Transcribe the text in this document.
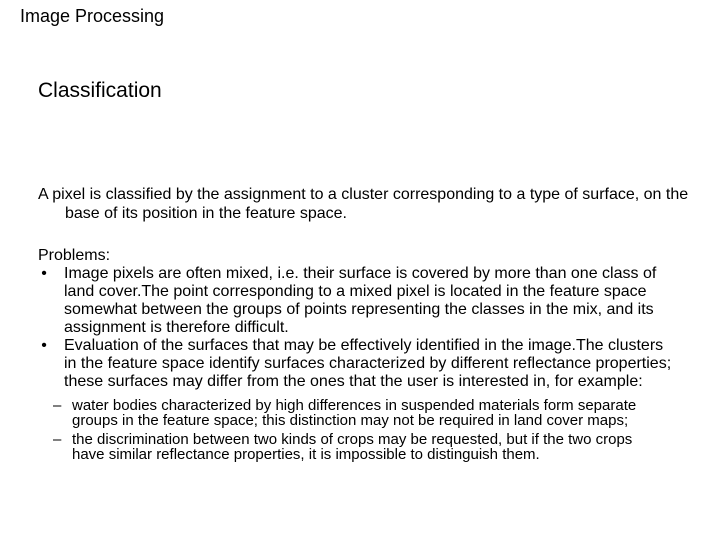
Image Processing
Classification
A pixel is classified by the assignment to a cluster corresponding to a type of surface, on the base of its position in the feature space.
Problems:
• Image pixels are often mixed, i.e. their surface is covered by more than one class of land cover.The point corresponding to a mixed pixel is located in the feature space somewhat between the groups of points representing the classes in the mix, and its assignment is therefore difficult.
• Evaluation of the surfaces that may be effectively identified in the image.The clusters in the feature space identify surfaces characterized by different reflectance properties; these surfaces may differ from the ones that the user is interested in, for example:
– water bodies characterized by high differences in suspended materials form separate groups in the feature space; this distinction may not be required in land cover maps;
– the discrimination between two kinds of crops may be requested, but if the two crops have similar reflectance properties, it is impossible to distinguish them.
